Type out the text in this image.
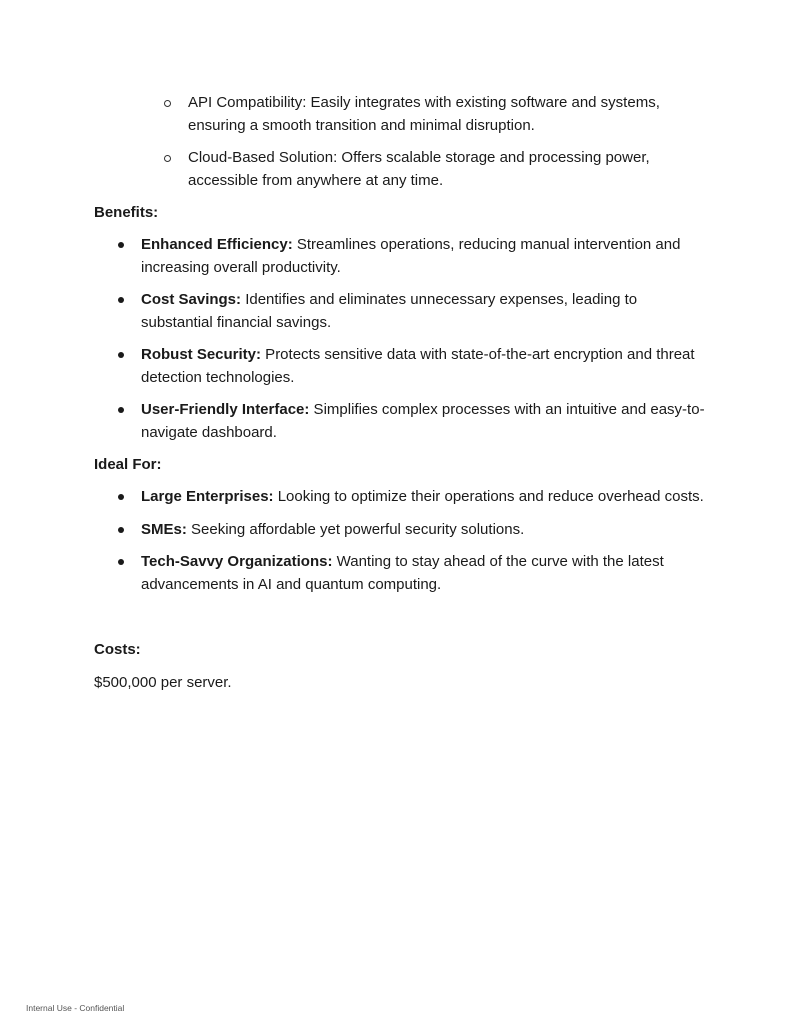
API Compatibility: Easily integrates with existing software and systems, ensuring a smooth transition and minimal disruption.
Cloud-Based Solution: Offers scalable storage and processing power, accessible from anywhere at any time.

Benefits:

Enhanced Efficiency: Streamlines operations, reducing manual intervention and increasing overall productivity.
Cost Savings: Identifies and eliminates unnecessary expenses, leading to substantial financial savings.
Robust Security: Protects sensitive data with state-of-the-art encryption and threat detection technologies.
User-Friendly Interface: Simplifies complex processes with an intuitive and easy-to-navigate dashboard.

Ideal For:

Large Enterprises: Looking to optimize their operations and reduce overhead costs.
SMEs: Seeking affordable yet powerful security solutions.
Tech-Savvy Organizations: Wanting to stay ahead of the curve with the latest advancements in AI and quantum computing.

Costs:

$500,000 per server.

Internal Use - Confidential
